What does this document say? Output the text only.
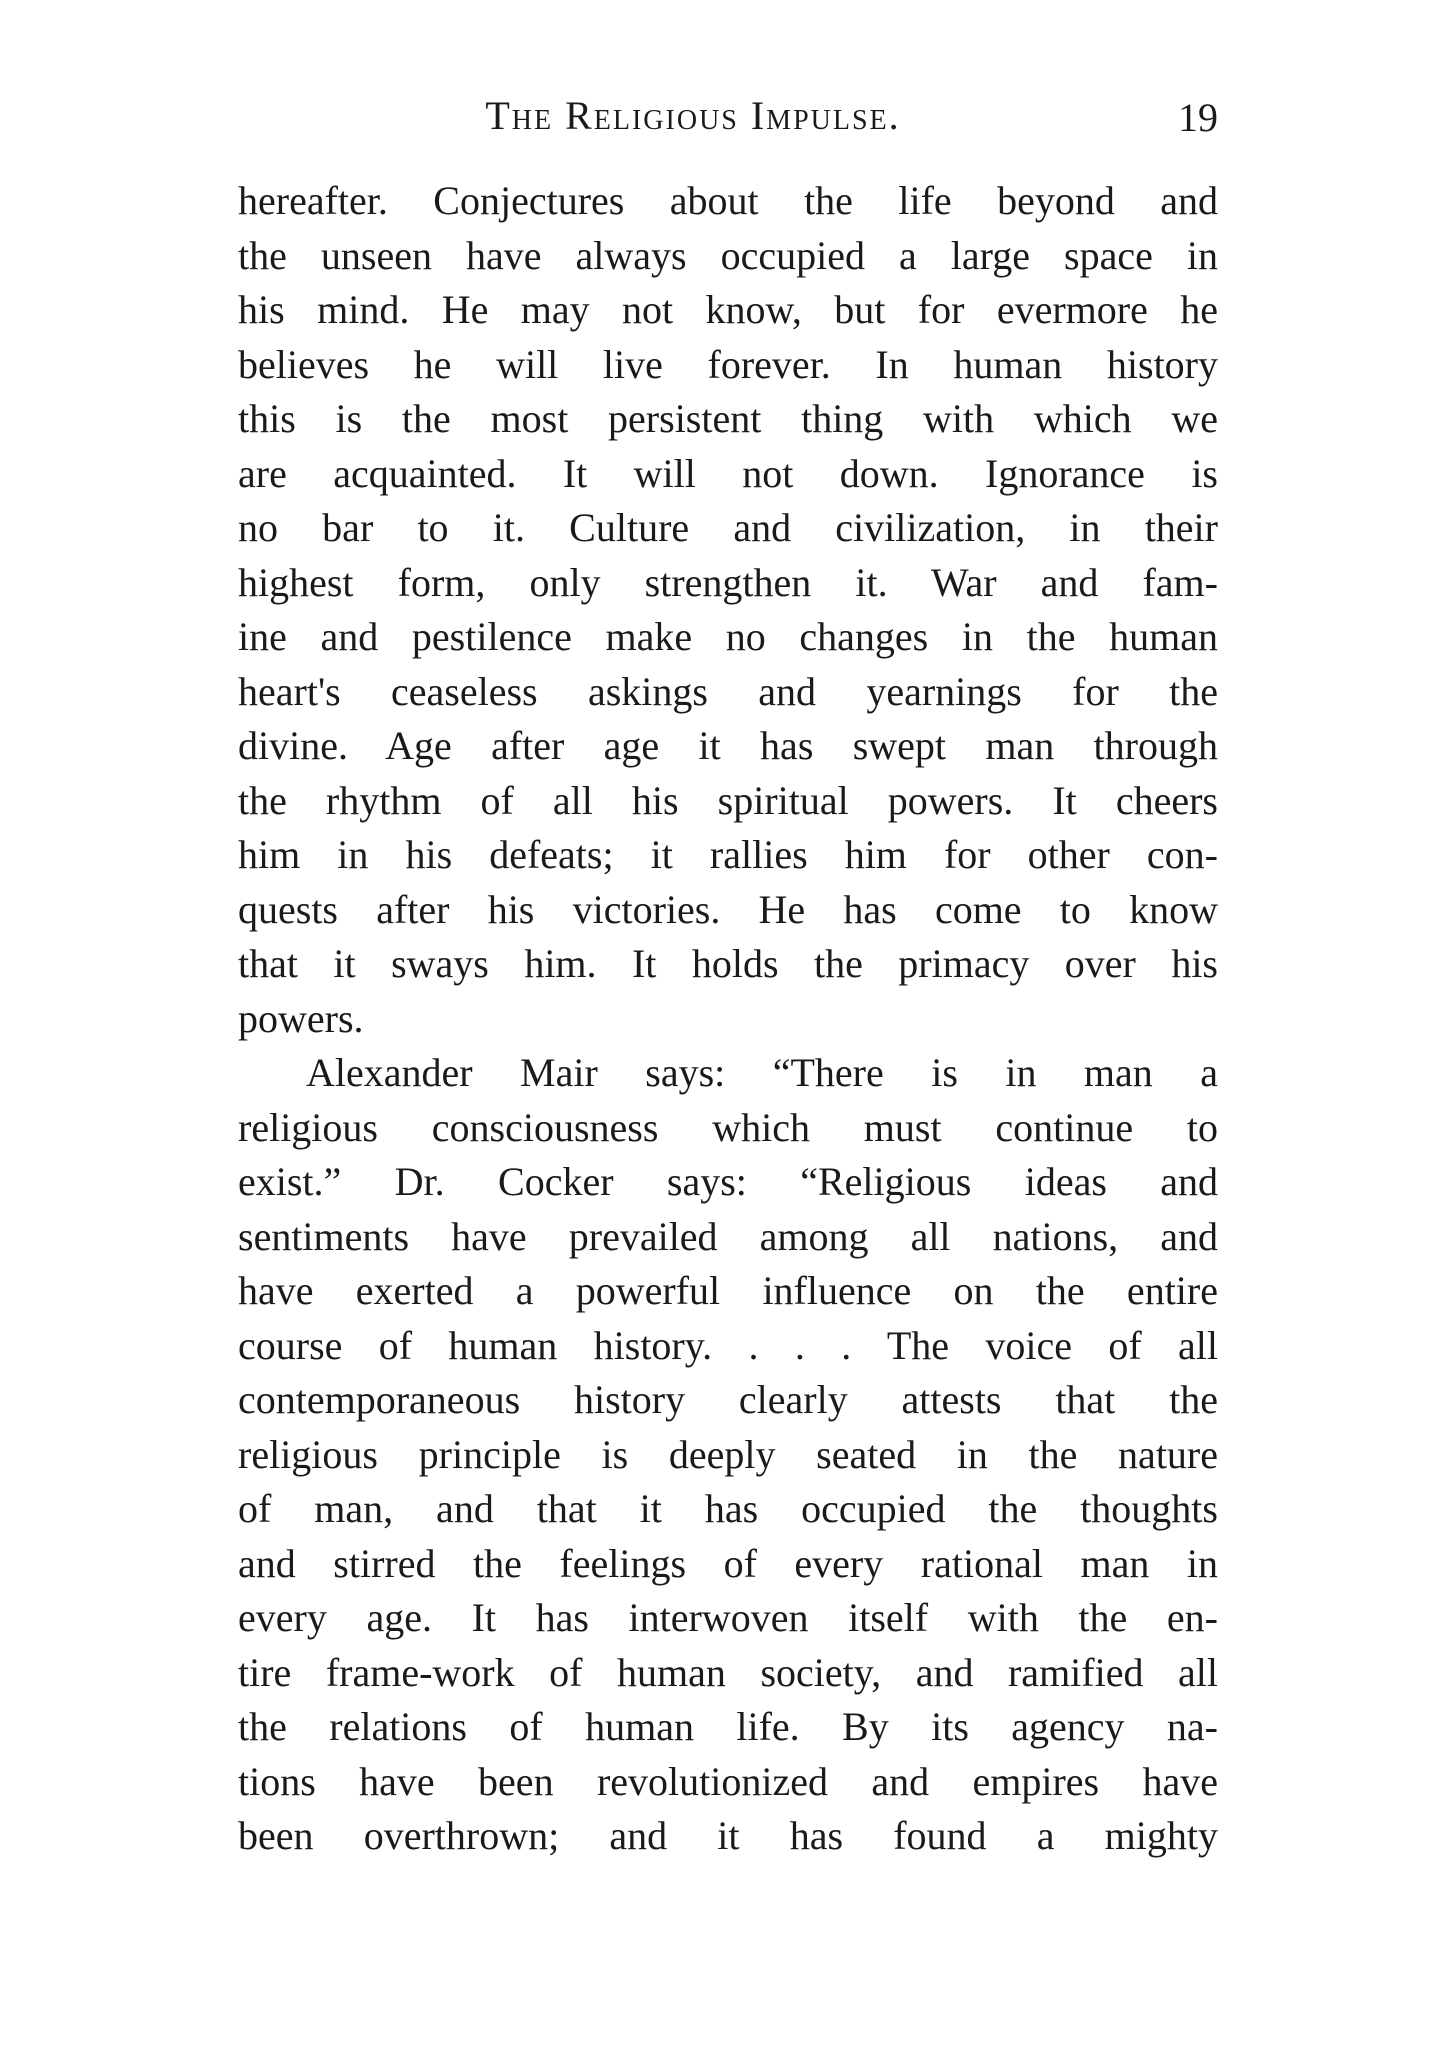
The Religious Impulse.	19
hereafter. Conjectures about the life beyond and
the unseen have always occupied a large space in
his mind. He may not know, but for evermore he
believes he will live forever. In human history
this is the most persistent thing with which we
are acquainted. It will not down. Ignorance is
no bar to it. Culture and civilization, in their
highest form, only strengthen it. War and fam-
ine and pestilence make no changes in the human
heart's ceaseless askings and yearnings for the
divine. Age after age it has swept man through
the rhythm of all his spiritual powers. It cheers
him in his defeats; it rallies him for other con-
quests after his victories. He has come to know
that it sways him. It holds the primacy over his
powers.
Alexander Mair says: “There is in man a
religious consciousness which must continue to
exist.” Dr. Cocker says: “Religious ideas and
sentiments have prevailed among all nations, and
have exerted a powerful influence on the entire
course of human history. . . . The voice of all
contemporaneous history clearly attests that the
religious principle is deeply seated in the nature
of man, and that it has occupied the thoughts
and stirred the feelings of every rational man in
every age. It has interwoven itself with the en-
tire frame-work of human society, and ramified all
the relations of human life. By its agency na-
tions have been revolutionized and empires have
been overthrown; and it has found a mighty
